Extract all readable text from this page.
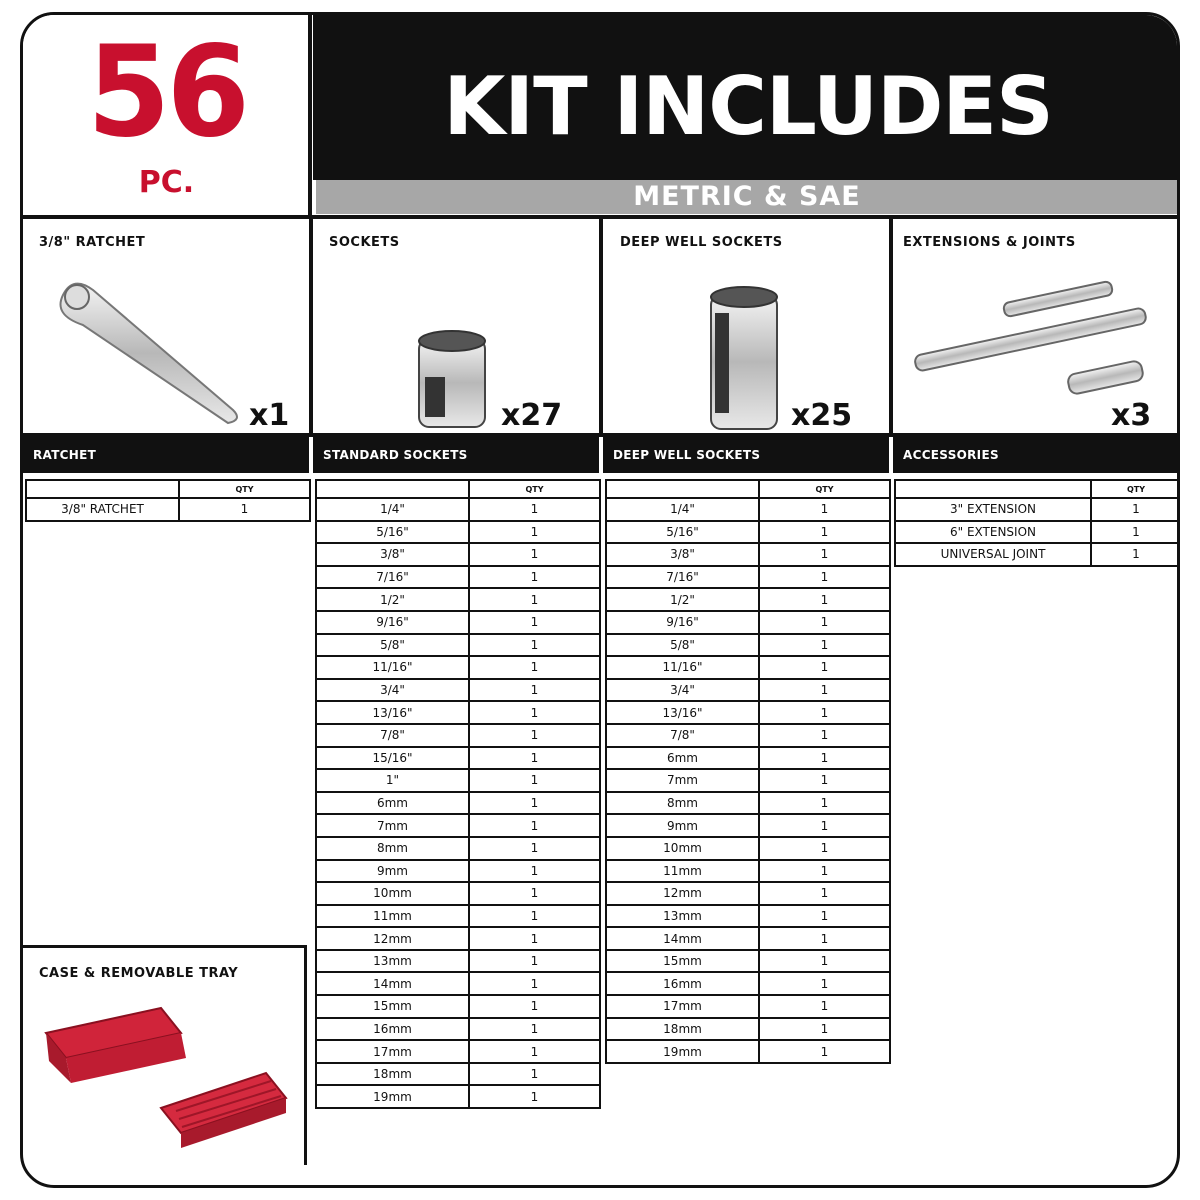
56
PC.
KIT INCLUDES
METRIC & SAE
3/8" RATCHET
x1
SOCKETS
x27
DEEP WELL SOCKETS
x25
EXTENSIONS & JOINTS
x3
RATCHET	STANDARD SOCKETS	DEEP WELL SOCKETS	ACCESSORIES
	QTY
3/8" RATCHET	1
	QTY
1/4"	1
5/16"	1
3/8"	1
7/16"	1
1/2"	1
9/16"	1
5/8"	1
11/16"	1
3/4"	1
13/16"	1
7/8"	1
15/16"	1
1"	1
6mm	1
7mm	1
8mm	1
9mm	1
10mm	1
11mm	1
12mm	1
13mm	1
14mm	1
15mm	1
16mm	1
17mm	1
18mm	1
19mm	1
	QTY
1/4"	1
5/16"	1
3/8"	1
7/16"	1
1/2"	1
9/16"	1
5/8"	1
11/16"	1
3/4"	1
13/16"	1
7/8"	1
6mm	1
7mm	1
8mm	1
9mm	1
10mm	1
11mm	1
12mm	1
13mm	1
14mm	1
15mm	1
16mm	1
17mm	1
18mm	1
19mm	1
	QTY
3" EXTENSION	1
6" EXTENSION	1
UNIVERSAL JOINT	1
CASE & REMOVABLE TRAY
